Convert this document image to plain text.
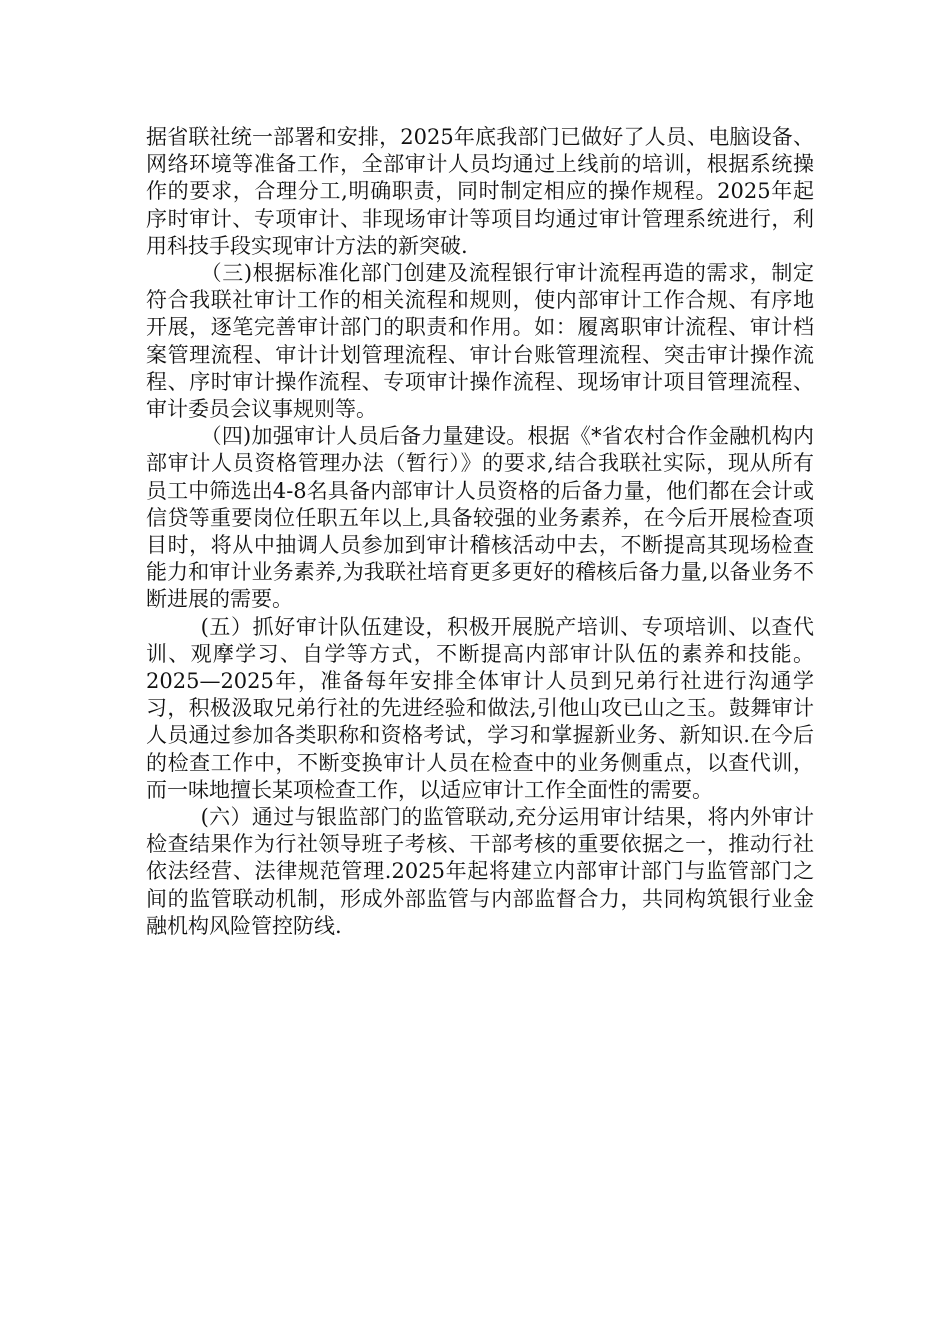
据省联社统一部署和安排，2025年底我部门已做好了人员、电脑设备、网络环境等准备工作，全部审计人员均通过上线前的培训，根据系统操作的要求，合理分工,明确职责，同时制定相应的操作规程。2025年起序时审计、专项审计、非现场审计等项目均通过审计管理系统进行，利用科技手段实现审计方法的新突破.

（三)根据标准化部门创建及流程银行审计流程再造的需求，制定符合我联社审计工作的相关流程和规则，使内部审计工作合规、有序地开展，逐笔完善审计部门的职责和作用。如：履离职审计流程、审计档案管理流程、审计计划管理流程、审计台账管理流程、突击审计操作流程、序时审计操作流程、专项审计操作流程、现场审计项目管理流程、审计委员会议事规则等。

（四)加强审计人员后备力量建设。根据《*省农村合作金融机构内部审计人员资格管理办法（暂行）》的要求,结合我联社实际，现从所有员工中筛选出4-8名具备内部审计人员资格的后备力量，他们都在会计或信贷等重要岗位任职五年以上,具备较强的业务素养，在今后开展检查项目时，将从中抽调人员参加到审计稽核活动中去，不断提高其现场检查能力和审计业务素养,为我联社培育更多更好的稽核后备力量,以备业务不断进展的需要。

(五）抓好审计队伍建设，积极开展脱产培训、专项培训、以查代训、观摩学习、自学等方式，不断提高内部审计队伍的素养和技能。2025—2025年，准备每年安排全体审计人员到兄弟行社进行沟通学习，积极汲取兄弟行社的先进经验和做法,引他山攻已山之玉。鼓舞审计人员通过参加各类职称和资格考试，学习和掌握新业务、新知识.在今后的检查工作中，不断变换审计人员在检查中的业务侧重点，以查代训，而一味地擅长某项检查工作，以适应审计工作全面性的需要。

(六）通过与银监部门的监管联动,充分运用审计结果，将内外审计检查结果作为行社领导班子考核、干部考核的重要依据之一，推动行社依法经营、法律规范管理.2025年起将建立内部审计部门与监管部门之间的监管联动机制，形成外部监管与内部监督合力，共同构筑银行业金融机构风险管控防线.
